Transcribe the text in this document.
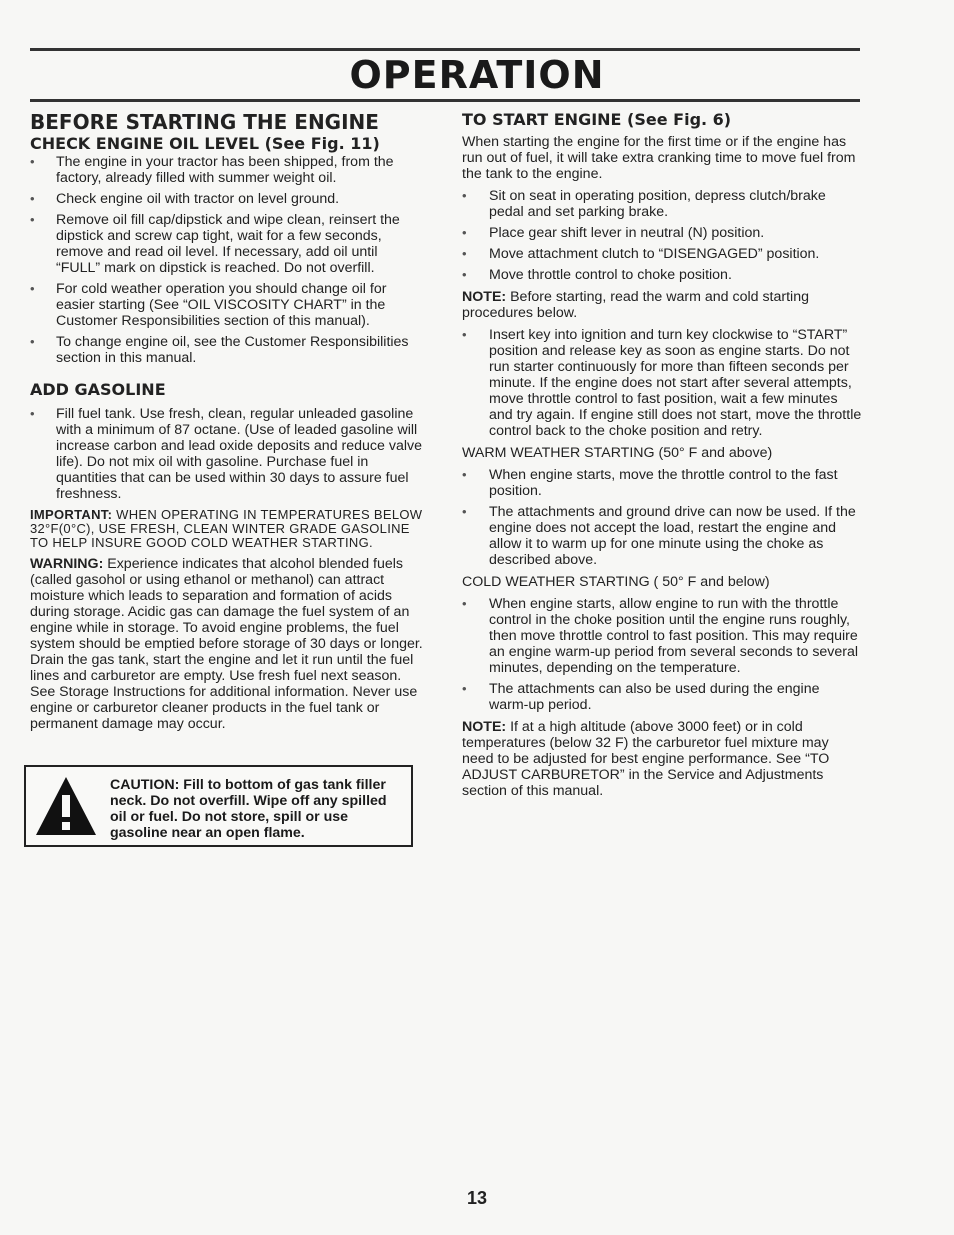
OPERATION
BEFORE STARTING THE ENGINE
CHECK ENGINE OIL LEVEL (See Fig. 11)
• The engine in your tractor has been shipped, from the factory, already filled with summer weight oil.
• Check engine oil with tractor on level ground.
• Remove oil fill cap/dipstick and wipe clean, reinsert the dipstick and screw cap tight, wait for a few seconds, remove and read oil level. If necessary, add oil until “FULL” mark on dipstick is reached. Do not overfill.
• For cold weather operation you should change oil for easier starting (See “OIL VISCOSITY CHART” in the Customer Responsibilities section of this manual).
• To change engine oil, see the Customer Responsibilities section in this manual.
ADD GASOLINE
• Fill fuel tank. Use fresh, clean, regular unleaded gasoline with a minimum of 87 octane. (Use of leaded gasoline will increase carbon and lead oxide deposits and reduce valve life). Do not mix oil with gasoline. Purchase fuel in quantities that can be used within 30 days to assure fuel freshness.

IMPORTANT: WHEN OPERATING IN TEMPERATURES BELOW 32°F(0°C), USE FRESH, CLEAN WINTER GRADE GASOLINE TO HELP INSURE GOOD COLD WEATHER STARTING.

WARNING: Experience indicates that alcohol blended fuels (called gasohol or using ethanol or methanol) can attract moisture which leads to separation and formation of acids during storage. Acidic gas can damage the fuel system of an engine while in storage. To avoid engine problems, the fuel system should be emptied before storage of 30 days or longer. Drain the gas tank, start the engine and let it run until the fuel lines and carburetor are empty. Use fresh fuel next season. See Storage Instructions for additional information. Never use engine or carburetor cleaner products in the fuel tank or permanent damage may occur.

CAUTION: Fill to bottom of gas tank filler neck. Do not overfill. Wipe off any spilled oil or fuel. Do not store, spill or use gasoline near an open flame.
TO START ENGINE (See Fig. 6)

When starting the engine for the first time or if the engine has run out of fuel, it will take extra cranking time to move fuel from the tank to the engine.

• Sit on seat in operating position, depress clutch/brake pedal and set parking brake.
• Place gear shift lever in neutral (N) position.
• Move attachment clutch to “DISENGAGED” position.
• Move throttle control to choke position.

NOTE: Before starting, read the warm and cold starting procedures below.

• Insert key into ignition and turn key clockwise to “START” position and release key as soon as engine starts. Do not run starter continuously for more than fifteen seconds per minute. If the engine does not start after several attempts, move throttle control to fast position, wait a few minutes and try again. If engine still does not start, move the throttle control back to the choke position and retry.

WARM WEATHER STARTING (50° F and above)

• When engine starts, move the throttle control to the fast position.
• The attachments and ground drive can now be used. If the engine does not accept the load, restart the engine and allow it to warm up for one minute using the choke as described above.

COLD WEATHER STARTING ( 50° F and below)

• When engine starts, allow engine to run with the throttle control in the choke position until the engine runs roughly, then move throttle control to fast position. This may require an engine warm-up period from several seconds to several minutes, depending on the temperature.
• The attachments can also be used during the engine warm-up period.

NOTE: If at a high altitude (above 3000 feet) or in cold temperatures (below 32 F) the carburetor fuel mixture may need to be adjusted for best engine performance. See “TO ADJUST CARBURETOR” in the Service and Adjustments section of this manual.

13
